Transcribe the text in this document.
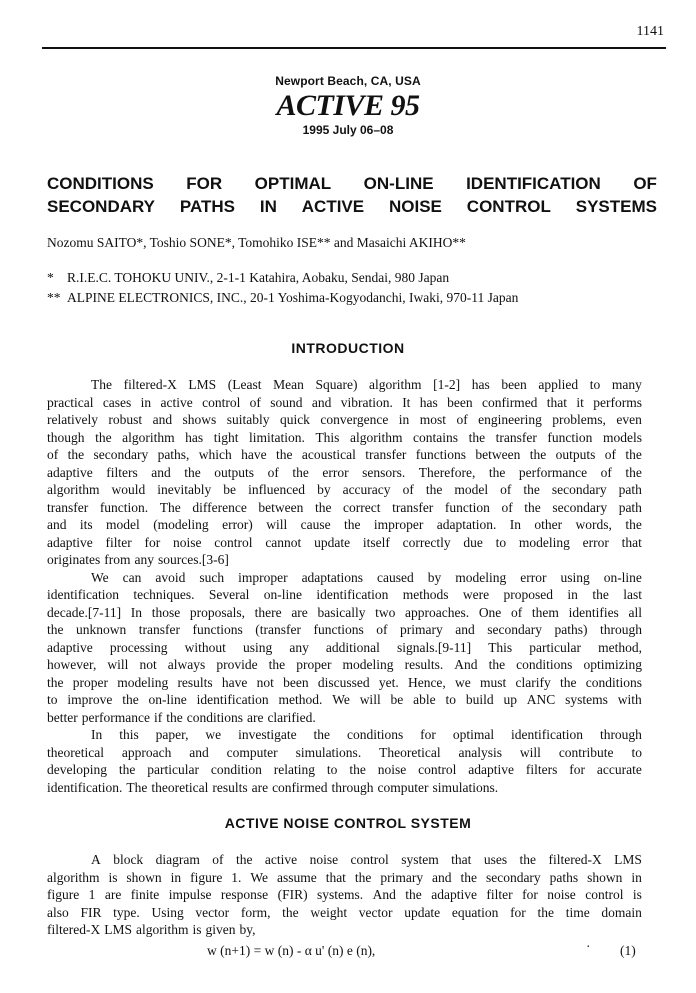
1141
Newport Beach, CA, USA
ACTIVE 95
1995 July 06–08
CONDITIONS FOR OPTIMAL ON-LINE IDENTIFICATION OF
SECONDARY PATHS IN ACTIVE NOISE CONTROL SYSTEMS
Nozomu SAITO*, Toshio SONE*, Tomohiko ISE** and Masaichi AKIHO**
* R.I.E.C. TOHOKU UNIV., 2-1-1 Katahira, Aobaku, Sendai, 980 Japan
** ALPINE ELECTRONICS, INC., 20-1 Yoshima-Kogyodanchi, Iwaki, 970-11 Japan
INTRODUCTION
The filtered-X LMS (Least Mean Square) algorithm [1-2] has been applied to many
practical cases in active control of sound and vibration. It has been confirmed that it performs
relatively robust and shows suitably quick convergence in most of engineering problems, even
though the algorithm has tight limitation. This algorithm contains the transfer function models
of the secondary paths, which have the acoustical transfer functions between the outputs of the
adaptive filters and the outputs of the error sensors. Therefore, the performance of the
algorithm would inevitably be influenced by accuracy of the model of the secondary path
transfer function. The difference between the correct transfer function of the secondary path
and its model (modeling error) will cause the improper adaptation. In other words, the
adaptive filter for noise control cannot update itself correctly due to modeling error that
originates from any sources.[3-6]
We can avoid such improper adaptations caused by modeling error using on-line
identification techniques. Several on-line identification methods were proposed in the last
decade.[7-11] In those proposals, there are basically two approaches. One of them identifies all
the unknown transfer functions (transfer functions of primary and secondary paths) through
adaptive processing without using any additional signals.[9-11] This particular method,
however, will not always provide the proper modeling results. And the conditions optimizing
the proper modeling results have not been discussed yet. Hence, we must clarify the conditions
to improve the on-line identification method. We will be able to build up ANC systems with
better performance if the conditions are clarified.
In this paper, we investigate the conditions for optimal identification through
theoretical approach and computer simulations. Theoretical analysis will contribute to
developing the particular condition relating to the noise control adaptive filters for accurate
identification. The theoretical results are confirmed through computer simulations.
ACTIVE NOISE CONTROL SYSTEM
A block diagram of the active noise control system that uses the filtered-X LMS
algorithm is shown in figure 1. We assume that the primary and the secondary paths shown in
figure 1 are finite impulse response (FIR) systems. And the adaptive filter for noise control is
also FIR type. Using vector form, the weight vector update equation for the time domain
filtered-X LMS algorithm is given by,
w (n+1) = w (n) - α u' (n) e (n),	· (1)
